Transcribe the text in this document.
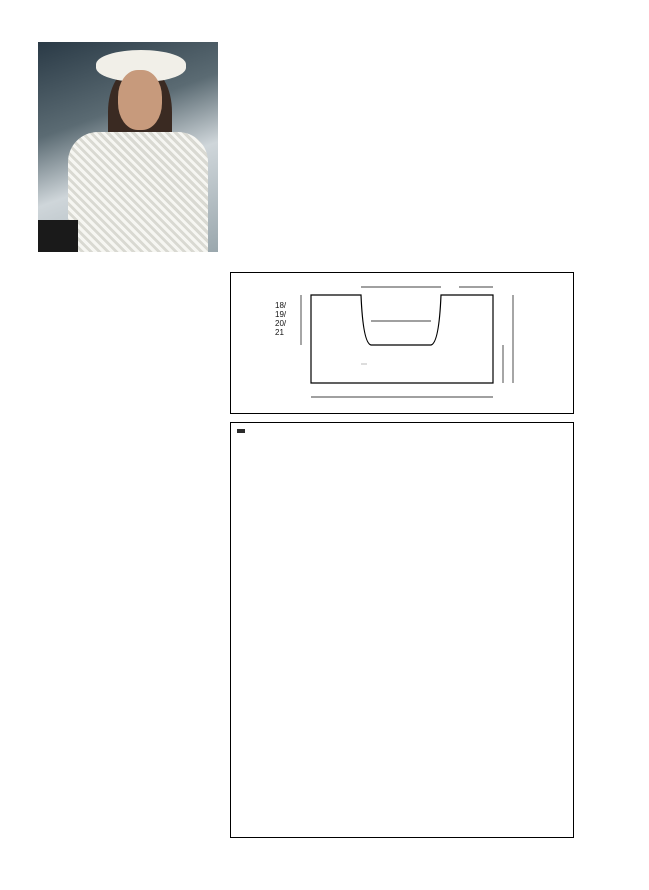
18/
19/
20/
21
